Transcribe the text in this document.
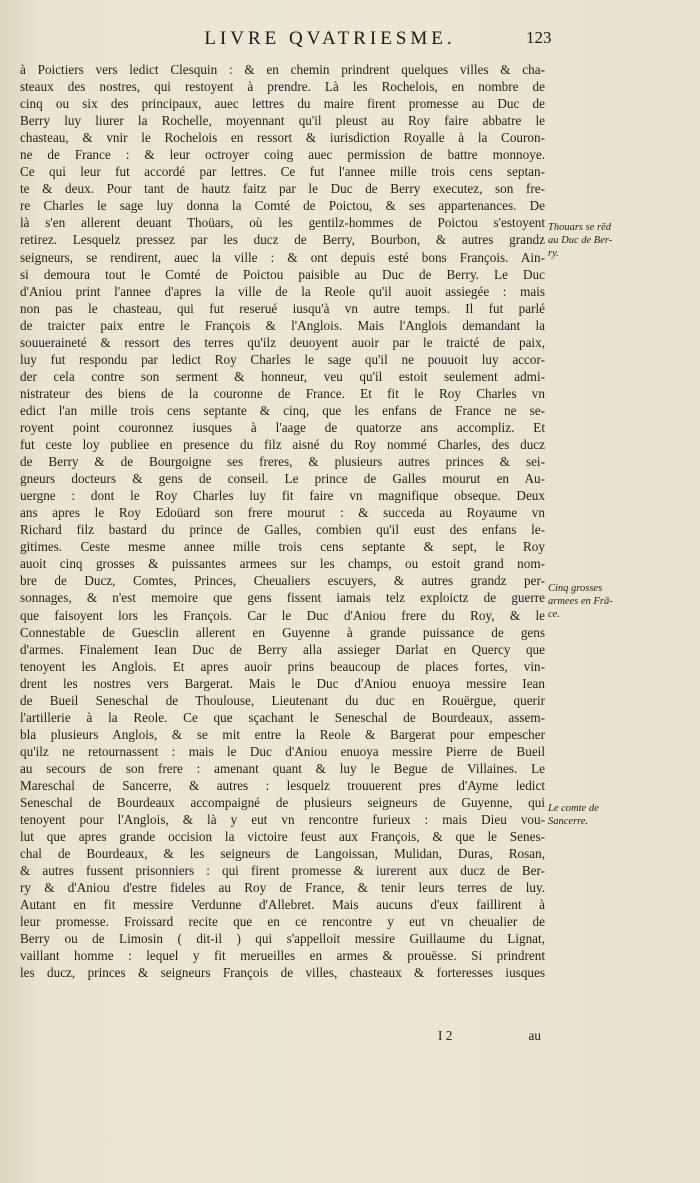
LIVRE QVATRIESME.	123
à Poictiers vers ledict Clesquin : & en chemin prindrent quelques villes & cha-
steaux des nostres, qui restoyent à prendre. Là les Rochelois, en nombre de
cinq ou six des principaux, auec lettres du maire firent promesse au Duc de
Berry luy liurer la Rochelle, moyennant qu'il pleust au Roy faire abbatre le
chasteau, & vnir le Rochelois en ressort & iurisdiction Royalle à la Couron-
ne de France : & leur octroyer coing auec permission de battre monnoye.
Ce qui leur fut accordé par lettres. Ce fut l'annee mille trois cens septan-
te & deux. Pour tant de hautz faitz par le Duc de Berry executez, son fre-
re Charles le sage luy donna la Comté de Poictou, & ses appartenances. De
là s'en allerent deuant Thoüars, où les gentilz-hommes de Poictou s'estoyent
retirez. Lesquelz pressez par les ducz de Berry, Bourbon, & autres grandz
seigneurs, se rendirent, auec la ville : & ont depuis esté bons François. Ain-
si demoura tout le Comté de Poictou paisible au Duc de Berry. Le Duc
d'Aniou print l'annee d'apres la ville de la Reole qu'il auoit assiegée : mais
non pas le chasteau, qui fut reserué iusqu'à vn autre temps. Il fut parlé
de traicter paix entre le François & l'Anglois. Mais l'Anglois demandant la
souueraineté & ressort des terres qu'ilz deuoyent auoir par le traicté de paix,
luy fut respondu par ledict Roy Charles le sage qu'il ne pouuoit luy accor-
der cela contre son serment & honneur, veu qu'il estoit seulement admi-
nistrateur des biens de la couronne de France. Et fit le Roy Charles vn
edict l'an mille trois cens septante & cinq, que les enfans de France ne se-
royent point couronnez iusques à l'aage de quatorze ans accompliz. Et
fut ceste loy publiee en presence du filz aisné du Roy nommé Charles, des ducz
de Berry & de Bourgoigne ses freres, & plusieurs autres princes & sei-
gneurs docteurs & gens de conseil. Le prince de Galles mourut en Au-
uergne : dont le Roy Charles luy fit faire vn magnifique obseque. Deux
ans apres le Roy Edoüard son frere mourut : & succeda au Royaume vn
Richard filz bastard du prince de Galles, combien qu'il eust des enfans le-
gitimes. Ceste mesme annee mille trois cens septante & sept, le Roy
auoit cinq grosses & puissantes armees sur les champs, ou estoit grand nom-
bre de Ducz, Comtes, Princes, Cheualiers escuyers, & autres grandz per-
sonnages, & n'est memoire que gens fissent iamais telz exploictz de guerre
que faisoyent lors les François. Car le Duc d'Aniou frere du Roy, & le
Connestable de Guesclin allerent en Guyenne à grande puissance de gens
d'armes. Finalement Iean Duc de Berry alla assieger Darlat en Quercy que
tenoyent les Anglois. Et apres auoir prins beaucoup de places fortes, vin-
drent les nostres vers Bargerat. Mais le Duc d'Aniou enuoya messire Iean
de Bueil Seneschal de Thoulouse, Lieutenant du duc en Rouërgue, querir
l'artillerie à la Reole. Ce que sçachant le Seneschal de Bourdeaux, assem-
bla plusieurs Anglois, & se mit entre la Reole & Bargerat pour empescher
qu'ilz ne retournassent : mais le Duc d'Aniou enuoya messire Pierre de Bueil
au secours de son frere : amenant quant & luy le Begue de Villaines. Le
Mareschal de Sancerre, & autres : lesquelz trouuerent pres d'Ayme ledict
Seneschal de Bourdeaux accompaigné de plusieurs seigneurs de Guyenne, qui
tenoyent pour l'Anglois, & là y eut vn rencontre furieux : mais Dieu vou-
lut que apres grande occision la victoire feust aux François, & que le Senes-
chal de Bourdeaux, & les seigneurs de Langoissan, Mulidan, Duras, Rosan,
& autres fussent prisonniers : qui firent promesse & iurerent aux ducz de Ber-
ry & d'Aniou d'estre fideles au Roy de France, & tenir leurs terres de luy.
Autant en fit messire Verdunne d'Allebret. Mais aucuns d'eux faillirent à
leur promesse. Froissard recite que en ce rencontre y eut vn cheualier de
Berry ou de Limosin ( dit-il ) qui s'appelloit messire Guillaume du Lignat,
vaillant homme : lequel y fit merueilles en armes & prouësse. Si prindrent
les ducz, princes & seigneurs François de villes, chasteaux & forteresses iusques
I 2	au
Thouars se rēd
au Duc de Ber-
ry.
Cinq grosses
armees en Frā-
ce.
Le comte de
Sancerre.
